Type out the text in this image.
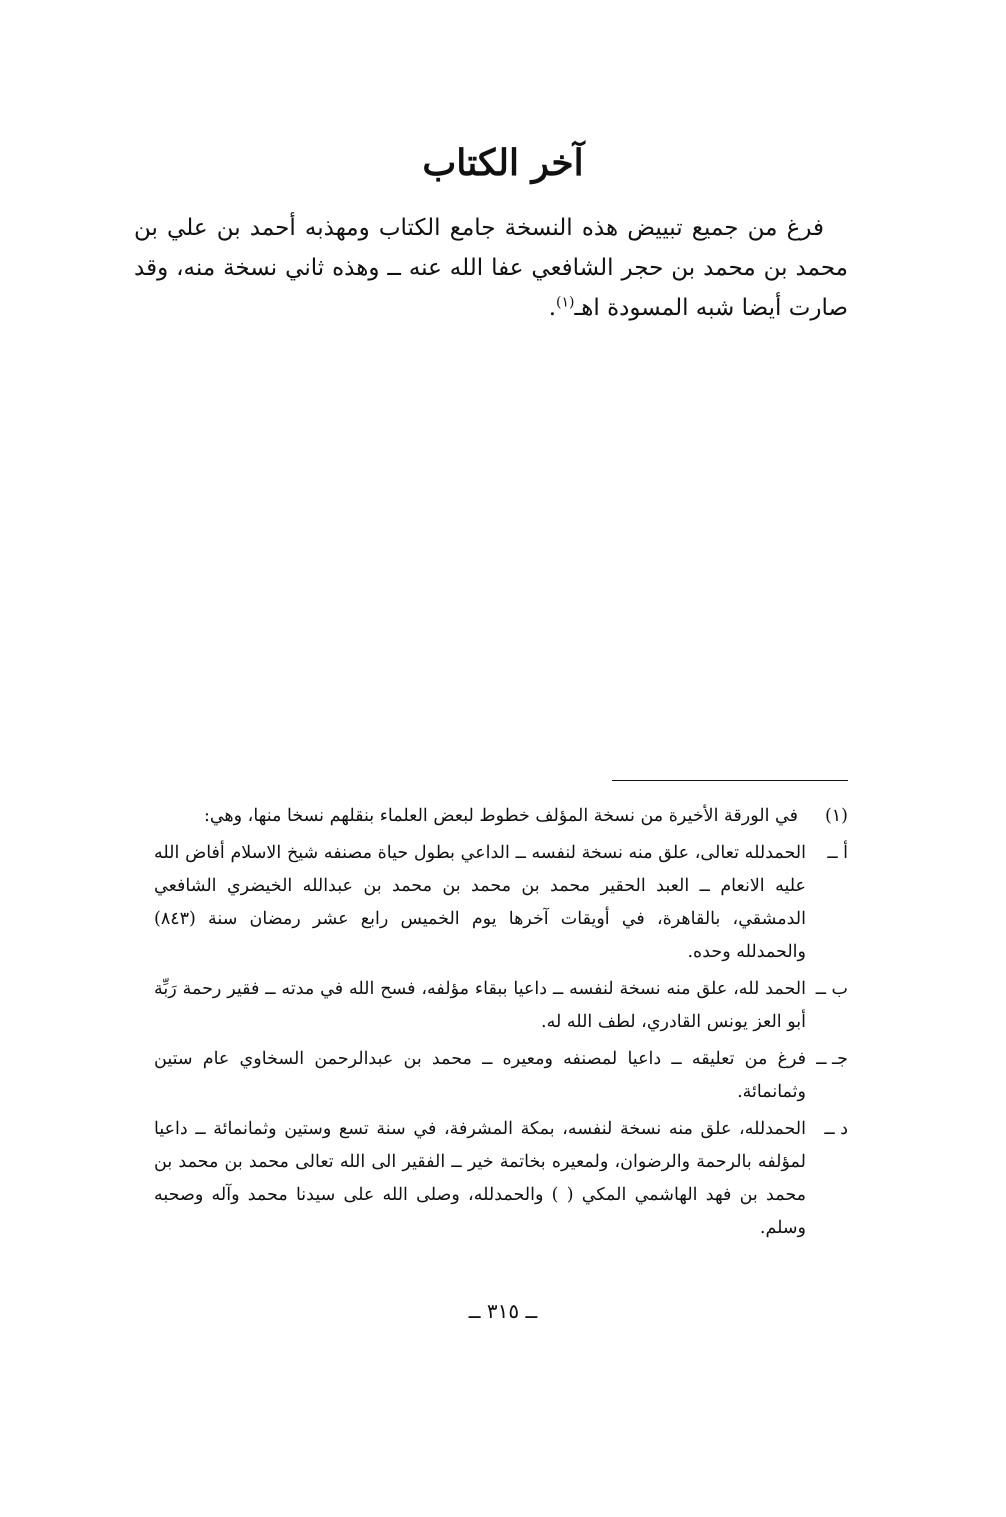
آخر الكتاب

فرغ من جميع تبييض هذه النسخة جامع الكتاب ومهذبه أحمد بن علي بن محمد بن محمد بن حجر الشافعي عفا الله عنه ــ وهذه ثاني نسخة منه، وقد صارت أيضا شبه المسودة اهـ$^{(١)}$.

(١)
في الورقة الأخيرة من نسخة المؤلف خطوط لبعض العلماء بنقلهم نسخا منها، وهي:
أ ــ
الحمدلله تعالى، علق منه نسخة لنفسه ــ الداعي بطول حياة مصنفه شيخ الاسلام أفاض الله عليه الانعام ــ العبد الحقير محمد بن محمد بن محمد بن عبدالله الخيضري الشافعي الدمشقي، بالقاهرة، في أويقات آخرها يوم الخميس رابع عشر رمضان سنة (٨٤٣) والحمدلله وحده.
ب ــ
الحمد لله، علق منه نسخة لنفسه ــ داعيا ببقاء مؤلفه، فسح الله في مدته ــ فقير رحمة رَبِّة أبو العز يونس القادري، لطف الله له.
جـ ــ
فرغ من تعليقه ــ داعيا لمصنفه ومعيره ــ محمد بن عبدالرحمن السخاوي عام ستين وثمانمائة.
د ــ
الحمدلله، علق منه نسخة لنفسه، بمكة المشرفة، في سنة تسع وستين وثمانمائة ــ داعيا لمؤلفه بالرحمة والرضوان، ولمعيره بخاتمة خير ــ الفقير الى الله تعالى محمد بن محمد بن محمد بن فهد الهاشمي المكي ( ) والحمدلله، وصلى الله على سيدنا محمد وآله وصحبه وسلم.
ــ ٣١٥ ــ
